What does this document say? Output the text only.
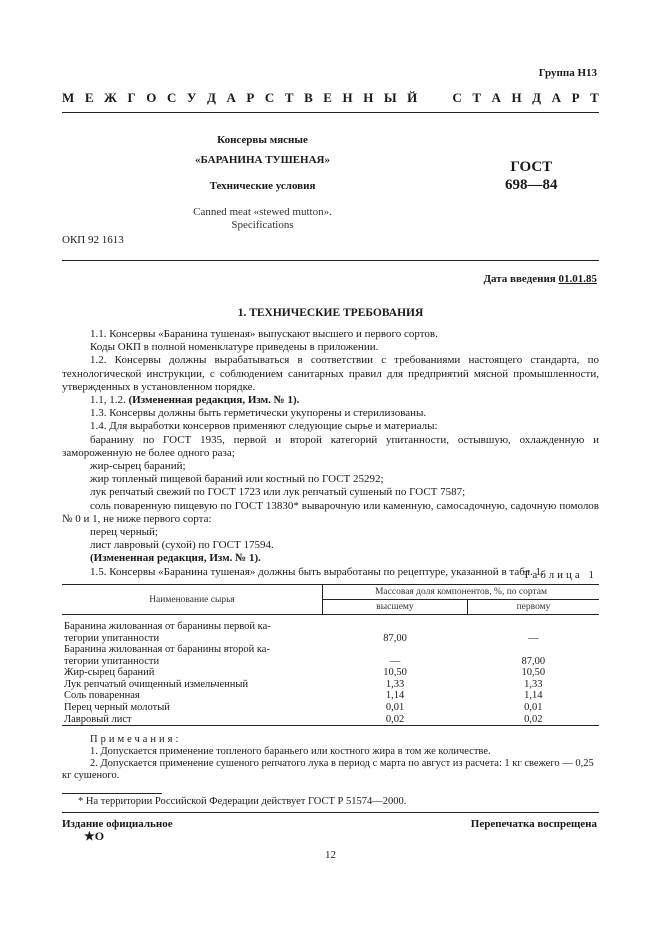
Группа Н13
М Е Ж Г О С У Д А Р С Т В Е Н Н Ы Й	С Т А Н Д А Р Т
Консервы мясные
«БАРАНИНА ТУШЕНАЯ»
Технические условия
Canned meat «stewed mutton».
Specifications
ГОСТ
698—84
ОКП 92 1613
Дата введения 01.01.85
1. ТЕХНИЧЕСКИЕ ТРЕБОВАНИЯ

1.1. Консервы «Баранина тушеная» выпускают высшего и первого сортов.

Коды ОКП в полной номенклатуре приведены в приложении.

1.2. Консервы должны вырабатываться в соответствии с требованиями настоящего стандарта, по технологической инструкции, с соблюдением санитарных правил для предприятий мясной промышленности, утвержденных в установленном порядке.

1.1, 1.2. (Измененная редакция, Изм. № 1).

1.3. Консервы должны быть герметически укупорены и стерилизованы.

1.4. Для выработки консервов применяют следующие сырье и материалы:

баранину по ГОСТ 1935, первой и второй категорий упитанности, остывшую, охлажденную и замороженную не более одного раза;

жир-сырец бараний;

жир топленый пищевой бараний или костный по ГОСТ 25292;

лук репчатый свежий по ГОСТ 1723 или лук репчатый сушеный по ГОСТ 7587;

соль поваренную пищевую по ГОСТ 13830* выварочную или каменную, самосадочную, садочную помолов № 0 и 1, не ниже первого сорта:

перец черный;

лист лавровый (сухой) по ГОСТ 17594.

(Измененная редакция, Изм. № 1).

1.5. Консервы «Баранина тушеная» должны быть выработаны по рецептуре, указанной в табл. 1.

Таблица 1
Наименование сырья	Массовая доля компонентов, %, по сортам	
	высшему	первому
Баранина жилованная от баранины первой ка-		
тегории упитанности	87,00	—
Баранина жилованная от баранины второй ка-		
тегории упитанности	—	87,00
Жир-сырец бараний	10,50	10,50
Лук репчатый очищенный измельченный	1,33	1,33
Соль поваренная	1,14	1,14
Перец черный молотый	0,01	0,01
Лавровый лист	0,02	0,02

Примечания:

1. Допускается применение топленого бараньего или костного жира в том же количестве.

2. Допускается применение сушеного репчатого лука в период с марта по август из расчета: 1 кг свежего — 0,25 кг сушеного.

* На территории Российской Федерации действует ГОСТ Р 51574—2000.
Издание официальное	Перепечатка воспрещена
★О
12
